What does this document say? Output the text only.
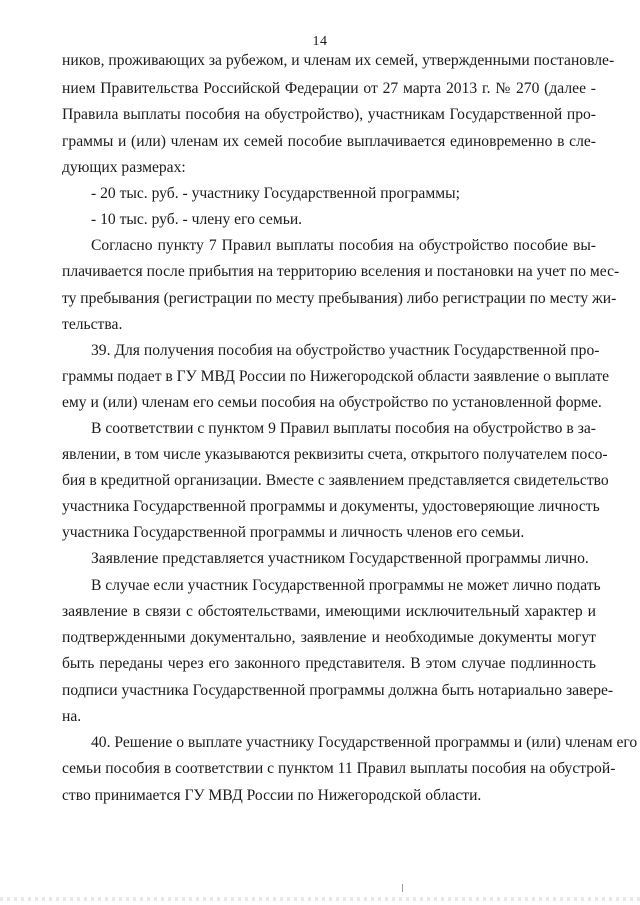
14
ников, проживающих за рубежом, и членам их семей, утвержденными постановле-
нием Правительства Российской Федерации от 27 марта 2013 г. № 270 (далее -
Правила выплаты пособия на обустройство), участникам Государственной про-
граммы и (или) членам их семей пособие выплачивается единовременно в сле-
дующих размерах:
- 20 тыс. руб. - участнику Государственной программы;
- 10 тыс. руб. - члену его семьи.
Согласно пункту 7 Правил выплаты пособия на обустройство пособие вы-
плачивается после прибытия на территорию вселения и постановки на учет по мес-
ту пребывания (регистрации по месту пребывания) либо регистрации по месту жи-
тельства.
39. Для получения пособия на обустройство участник Государственной про-
граммы подает в ГУ МВД России по Нижегородской области заявление о выплате
ему и (или) членам его семьи пособия на обустройство по установленной форме.
В соответствии с пунктом 9 Правил выплаты пособия на обустройство в за-
явлении, в том числе указываются реквизиты счета, открытого получателем посо-
бия в кредитной организации. Вместе с заявлением представляется свидетельство
участника Государственной программы и документы, удостоверяющие личность
участника Государственной программы и личность членов его семьи.
Заявление представляется участником Государственной программы лично.
В случае если участник Государственной программы не может лично подать
заявление в связи с обстоятельствами, имеющими исключительный характер и
подтвержденными документально, заявление и необходимые документы могут
быть переданы через его законного представителя. В этом случае подлинность
подписи участника Государственной программы должна быть нотариально завере-
на.
40. Решение о выплате участнику Государственной программы и (или) членам его
семьи пособия в соответствии с пунктом 11 Правил выплаты пособия на обустрой-
ство принимается ГУ МВД России по Нижегородской области.
